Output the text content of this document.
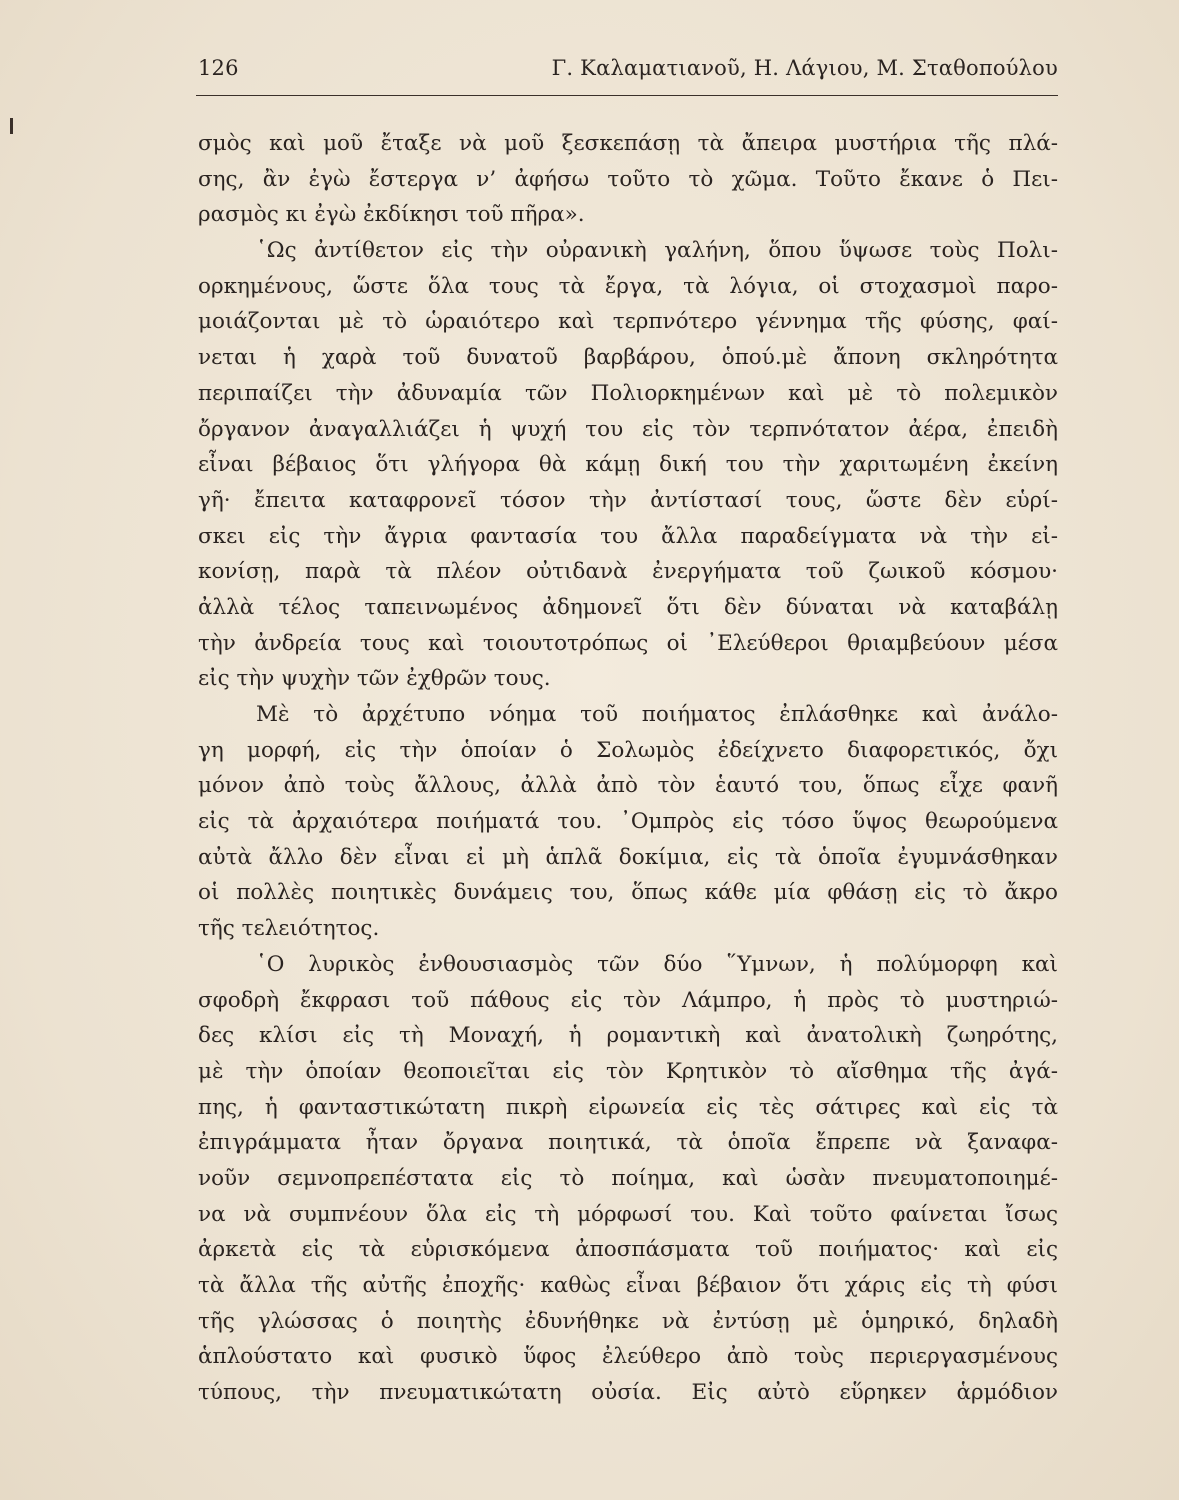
126	Γ. Καλαματιανοῦ, Η. Λάγιου, Μ. Σταθοπούλου
σμὸς καὶ μοῦ ἔταξε νὰ μοῦ ξεσκεπάσῃ τὰ ἄπειρα μυστήρια τῆς πλά-
σης, ἂν ἐγὼ ἔστεργα ν’ ἀφήσω τοῦτο τὸ χῶμα. Τοῦτο ἔκανε ὁ Πει-
ρασμὸς κι ἐγὼ ἐκδίκησι τοῦ πῆρα».
῾Ως ἀντίθετον εἰς τὴν οὐρανικὴ γαλήνη, ὅπου ὕψωσε τοὺς Πολι-
ορκημένους, ὥστε ὅλα τους τὰ ἔργα, τὰ λόγια, οἱ στοχασμοὶ παρο-
μοιάζονται μὲ τὸ ὡραιότερο καὶ τερπνότερο γέννημα τῆς φύσης, φαί-
νεται ἡ χαρὰ τοῦ δυνατοῦ βαρβάρου, ὁπού.μὲ ἄπονη σκληρότητα
περιπαίζει τὴν ἀδυναμία τῶν Πολιορκημένων καὶ μὲ τὸ πολεμικὸν
ὄργανον ἀναγαλλιάζει ἡ ψυχή του εἰς τὸν τερπνότατον ἀέρα, ἐπειδὴ
εἶναι βέβαιος ὅτι γλήγορα θὰ κάμῃ δική του τὴν χαριτωμένη ἐκείνη
γῆ· ἔπειτα καταφρονεῖ τόσον τὴν ἀντίστασί τους, ὥστε δὲν εὑρί-
σκει εἰς τὴν ἄγρια φαντασία του ἄλλα παραδείγματα νὰ τὴν εἰ-
κονίσῃ, παρὰ τὰ πλέον οὐτιδανὰ ἐνεργήματα τοῦ ζωικοῦ κόσμου·
ἀλλὰ τέλος ταπεινωμένος ἀδημονεῖ ὅτι δὲν δύναται νὰ καταβάλῃ
τὴν ἀνδρεία τους καὶ τοιουτοτρόπως οἱ ᾿Ελεύθεροι θριαμβεύουν μέσα
εἰς τὴν ψυχὴν τῶν ἐχθρῶν τους.
Μὲ τὸ ἀρχέτυπο νόημα τοῦ ποιήματος ἐπλάσθηκε καὶ ἀνάλο-
γη μορφή, εἰς τὴν ὁποίαν ὁ Σολωμὸς ἐδείχνετο διαφορετικός, ὄχι
μόνον ἀπὸ τοὺς ἄλλους, ἀλλὰ ἀπὸ τὸν ἑαυτό του, ὅπως εἶχε φανῆ
εἰς τὰ ἀρχαιότερα ποιήματά του. ᾿Ομπρὸς εἰς τόσο ὕψος θεωρούμενα
αὐτὰ ἄλλο δὲν εἶναι εἰ μὴ ἁπλᾶ δοκίμια, εἰς τὰ ὁποῖα ἐγυμνάσθηκαν
οἱ πολλὲς ποιητικὲς δυνάμεις του, ὅπως κάθε μία φθάσῃ εἰς τὸ ἄκρο
τῆς τελειότητος.
῾Ο λυρικὸς ἐνθουσιασμὸς τῶν δύο ῞Υμνων, ἡ πολύμορφη καὶ
σφοδρὴ ἔκφρασι τοῦ πάθους εἰς τὸν Λάμπρο, ἡ πρὸς τὸ μυστηριώ-
δες κλίσι εἰς τὴ Μοναχή, ἡ ρομαντικὴ καὶ ἀνατολικὴ ζωηρότης,
μὲ τὴν ὁποίαν θεοποιεῖται εἰς τὸν Κρητικὸν τὸ αἴσθημα τῆς ἀγά-
πης, ἡ φανταστικώτατη πικρὴ εἰρωνεία εἰς τὲς σάτιρες καὶ εἰς τὰ
ἐπιγράμματα ἦταν ὄργανα ποιητικά, τὰ ὁποῖα ἔπρεπε νὰ ξαναφα-
νοῦν σεμνοπρεπέστατα εἰς τὸ ποίημα, καὶ ὡσὰν πνευματοποιημέ-
να νὰ συμπνέουν ὅλα εἰς τὴ μόρφωσί του. Καὶ τοῦτο φαίνεται ἴσως
ἀρκετὰ εἰς τὰ εὑρισκόμενα ἀποσπάσματα τοῦ ποιήματος· καὶ εἰς
τὰ ἄλλα τῆς αὐτῆς ἐποχῆς· καθὼς εἶναι βέβαιον ὅτι χάρις εἰς τὴ φύσι
τῆς γλώσσας ὁ ποιητὴς ἐδυνήθηκε νὰ ἐντύσῃ μὲ ὁμηρικό, δηλαδὴ
ἁπλούστατο καὶ φυσικὸ ὕφος ἐλεύθερο ἀπὸ τοὺς περιεργασμένους
τύπους, τὴν πνευματικώτατη οὐσία. Εἰς αὐτὸ εὕρηκεν ἁρμόδιον
